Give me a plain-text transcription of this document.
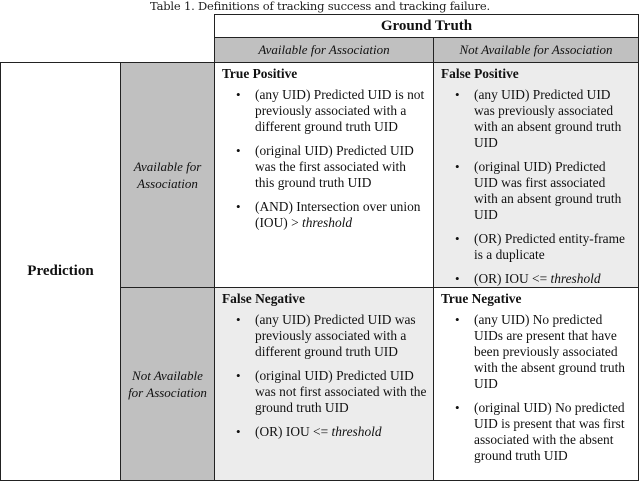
Table 1. Definitions of tracking success and tracking failure.
Ground Truth
Available for Association	Not Available for Association
Prediction
Available for
Association
Not Available
for Association
True Positive
• (any UID) Predicted UID is not previously associated with a different ground truth UID
• (original UID) Predicted UID was the first associated with this ground truth UID
• (AND) Intersection over union (IOU) > threshold
False Positive
• (any UID) Predicted UID was previously associated with an absent ground truth UID
• (original UID) Predicted UID was first associated with an absent ground truth UID
• (OR) Predicted entity-frame is a duplicate
• (OR) IOU <= threshold
False Negative
• (any UID) Predicted UID was previously associated with a different ground truth UID
• (original UID) Predicted UID was not first associated with the ground truth UID
• (OR) IOU <= threshold
True Negative
• (any UID) No predicted UIDs are present that have been previously associated with the absent ground truth UID
• (original UID) No predicted UID is present that was first associated with the absent ground truth UID
